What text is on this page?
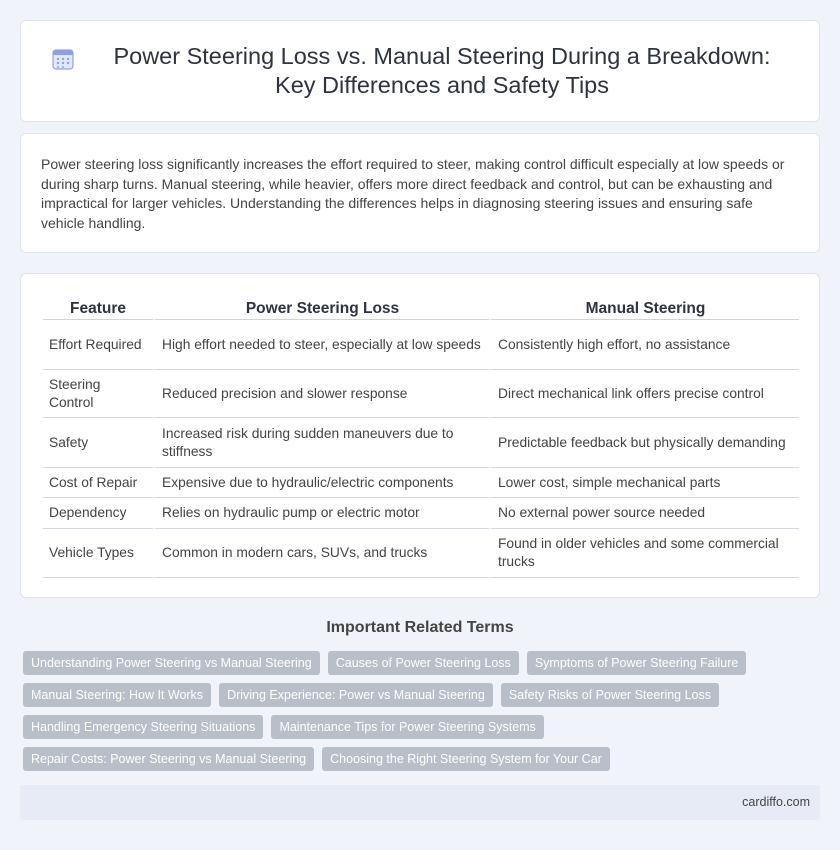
Power Steering Loss vs. Manual Steering During a Breakdown: Key Differences and Safety Tips

Power steering loss significantly increases the effort required to steer, making control difficult especially at low speeds or during sharp turns. Manual steering, while heavier, offers more direct feedback and control, but can be exhausting and impractical for larger vehicles. Understanding the differences helps in diagnosing steering issues and ensuring safe vehicle handling.

Feature	Power Steering Loss	Manual Steering
Effort Required	High effort needed to steer, especially at low speeds	Consistently high effort, no assistance
Steering Control	Reduced precision and slower response	Direct mechanical link offers precise control
Safety	Increased risk during sudden maneuvers due to stiffness	Predictable feedback but physically demanding
Cost of Repair	Expensive due to hydraulic/electric components	Lower cost, simple mechanical parts
Dependency	Relies on hydraulic pump or electric motor	No external power source needed
Vehicle Types	Common in modern cars, SUVs, and trucks	Found in older vehicles and some commercial trucks
Important Related Terms
Understanding Power Steering vs Manual Steering	Causes of Power Steering Loss	Symptoms of Power Steering Failure
Manual Steering: How It Works	Driving Experience: Power vs Manual Steering	Safety Risks of Power Steering Loss
Handling Emergency Steering Situations	Maintenance Tips for Power Steering Systems
Repair Costs: Power Steering vs Manual Steering	Choosing the Right Steering System for Your Car
cardiffo.com
